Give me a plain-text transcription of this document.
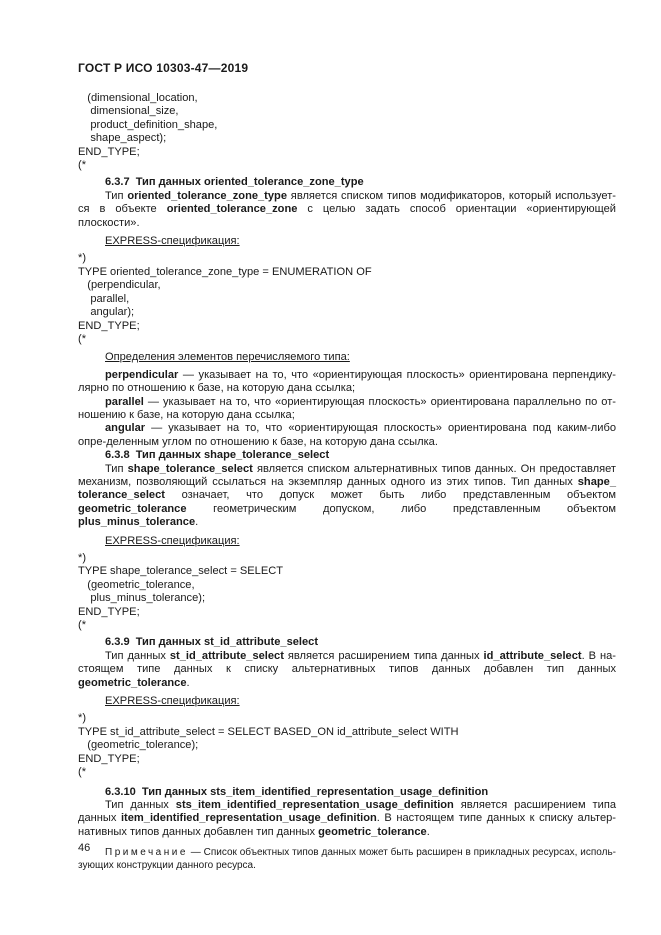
ГОСТ Р ИСО 10303-47—2019
(dimensional_location,
dimensional_size,
product_definition_shape,
shape_aspect);
END_TYPE;
(*
6.3.7 Тип данных oriented_tolerance_zone_type
Тип oriented_tolerance_zone_type является списком типов модификаторов, который использует-ся в объекте oriented_tolerance_zone с целью задать способ ориентации «ориентирующей плоскости».
EXPRESS-спецификация:
*)
TYPE oriented_tolerance_zone_type = ENUMERATION OF
(perpendicular,
parallel,
angular);
END_TYPE;
(*
Определения элементов перечисляемого типа:
perpendicular — указывает на то, что «ориентирующая плоскость» ориентирована перпендику-лярно по отношению к базе, на которую дана ссылка;
parallel — указывает на то, что «ориентирующая плоскость» ориентирована параллельно по от-ношению к базе, на которую дана ссылка;
angular — указывает на то, что «ориентирующая плоскость» ориентирована под каким-либо опре-деленным углом по отношению к базе, на которую дана ссылка.
6.3.8 Тип данных shape_tolerance_select
Тип shape_tolerance_select является списком альтернативных типов данных. Он предоставляет механизм, позволяющий ссылаться на экземпляр данных одного из этих типов. Тип данных shape_ tolerance_select означает, что допуск может быть либо представленным объектом geometric_tolerance геометрическим допуском, либо представленным объектом plus_minus_tolerance.
EXPRESS-спецификация:
*)
TYPE shape_tolerance_select = SELECT
(geometric_tolerance,
plus_minus_tolerance);
END_TYPE;
(*
6.3.9 Тип данных st_id_attribute_select
Тип данных st_id_attribute_select является расширением типа данных id_attribute_select. В на-стоящем типе данных к списку альтернативных типов данных добавлен тип данных geometric_tolerance.
EXPRESS-спецификация:
*)
TYPE st_id_attribute_select = SELECT BASED_ON id_attribute_select WITH
(geometric_tolerance);
END_TYPE;
(*
6.3.10 Тип данных sts_item_identified_representation_usage_definition
Тип данных sts_item_identified_representation_usage_definition является расширением типа данных item_identified_representation_usage_definition. В настоящем типе данных к списку альтер-нативных типов данных добавлен тип данных geometric_tolerance.
Примечание — Список объектных типов данных может быть расширен в прикладных ресурсах, исполь-зующих конструкции данного ресурса.
46
